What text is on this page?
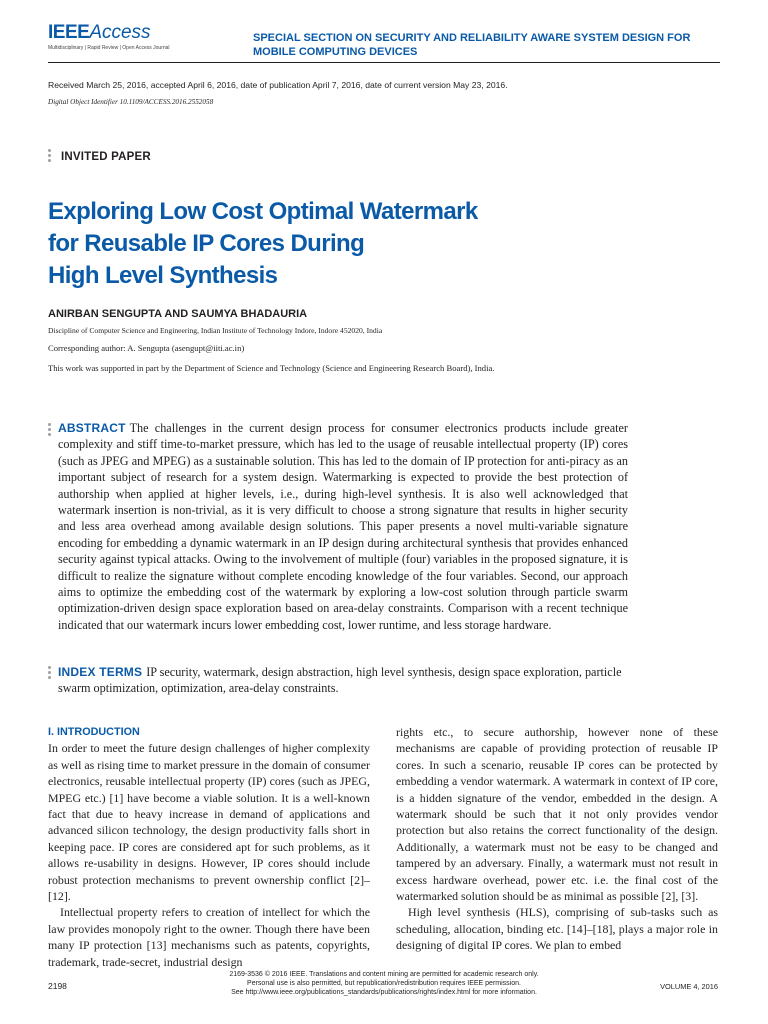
IEEEAccess
Multidisciplinary | Rapid Review | Open Access Journal
SPECIAL SECTION ON SECURITY AND RELIABILITY AWARE SYSTEM DESIGN FOR
MOBILE COMPUTING DEVICES
Received March 25, 2016, accepted April 6, 2016, date of publication April 7, 2016, date of current version May 23, 2016.
Digital Object Identifier 10.1109/ACCESS.2016.2552058
INVITED PAPER
Exploring Low Cost Optimal Watermark
for Reusable IP Cores During
High Level Synthesis
ANIRBAN SENGUPTA AND SAUMYA BHADAURIA
Discipline of Computer Science and Engineering, Indian Institute of Technology Indore, Indore 452020, India
Corresponding author: A. Sengupta (asengupt@iiti.ac.in)
This work was supported in part by the Department of Science and Technology (Science and Engineering Research Board), India.
ABSTRACT The challenges in the current design process for consumer electronics products include greater complexity and stiff time-to-market pressure, which has led to the usage of reusable intellectual property (IP) cores (such as JPEG and MPEG) as a sustainable solution. This has led to the domain of IP protection for anti-piracy as an important subject of research for a system design. Watermarking is expected to provide the best protection of authorship when applied at higher levels, i.e., during high-level synthesis. It is also well acknowledged that watermark insertion is non-trivial, as it is very difficult to choose a strong signature that results in higher security and less area overhead among available design solutions. This paper presents a novel multi-variable signature encoding for embedding a dynamic watermark in an IP design during architectural synthesis that provides enhanced security against typical attacks. Owing to the involvement of multiple (four) variables in the proposed signature, it is difficult to realize the signature without complete encoding knowledge of the four variables. Second, our approach aims to optimize the embedding cost of the watermark by exploring a low-cost solution through particle swarm optimization-driven design space exploration based on area-delay constraints. Comparison with a recent technique indicated that our watermark incurs lower embedding cost, lower runtime, and less storage hardware.
INDEX TERMS IP security, watermark, design abstraction, high level synthesis, design space exploration, particle swarm optimization, optimization, area-delay constraints.
I. INTRODUCTION

In order to meet the future design challenges of higher complexity as well as rising time to market pressure in the domain of consumer electronics, reusable intellectual property (IP) cores (such as JPEG, MPEG etc.) [1] have become a viable solution. It is a well-known fact that due to heavy increase in demand of applications and advanced silicon technology, the design productivity falls short in keeping pace. IP cores are considered apt for such problems, as it allows re-usability in designs. However, IP cores should include robust protection mechanisms to prevent ownership conflict [2]–[12].

Intellectual property refers to creation of intellect for which the law provides monopoly right to the owner. Though there have been many IP protection [13] mechanisms such as patents, copyrights, trademark, trade-secret, industrial design

rights etc., to secure authorship, however none of these mechanisms are capable of providing protection of reusable IP cores. In such a scenario, reusable IP cores can be protected by embedding a vendor watermark. A watermark in context of IP core, is a hidden signature of the vendor, embedded in the design. A watermark should be such that it not only provides vendor protection but also retains the correct functionality of the design. Additionally, a watermark must not be easy to be changed and tampered by an adversary. Finally, a watermark must not result in excess hardware overhead, power etc. i.e. the final cost of the watermarked solution should be as minimal as possible [2], [3].

High level synthesis (HLS), comprising of sub-tasks such as scheduling, allocation, binding etc. [14]–[18], plays a major role in designing of digital IP cores. We plan to embed

2198
2169-3536 © 2016 IEEE. Translations and content mining are permitted for academic research only.
Personal use is also permitted, but republication/redistribution requires IEEE permission.
See http://www.ieee.org/publications_standards/publications/rights/index.html for more information.
VOLUME 4, 2016
